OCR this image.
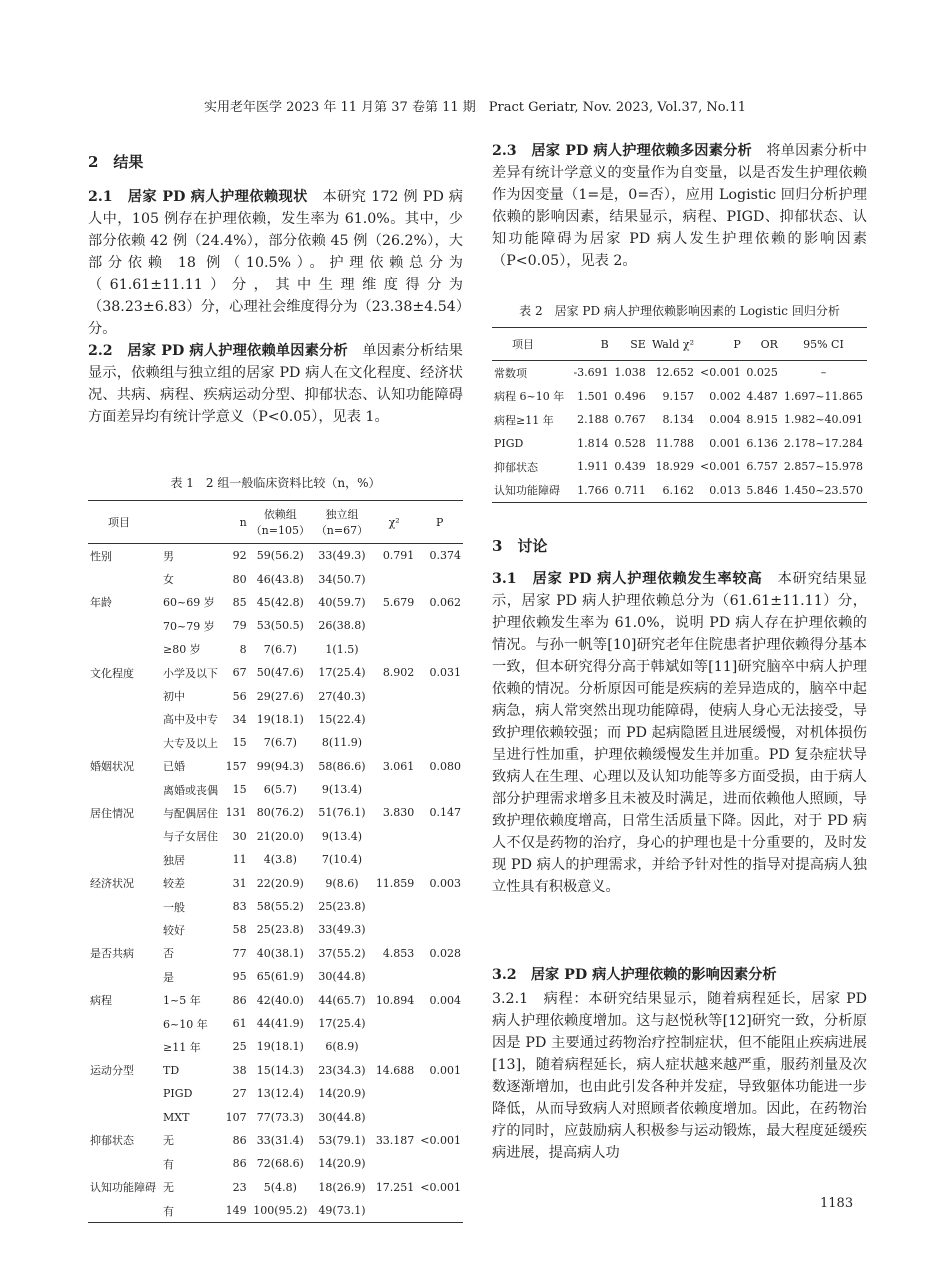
实用老年医学 2023 年 11 月第 37 卷第 11 期　Pract Geriatr, Nov. 2023, Vol.37, No.11
2　结果

2.1　居家 PD 病人护理依赖现状　本研究 172 例 PD 病人中，105 例存在护理依赖，发生率为 61.0%。其中，少部分依赖 42 例（24.4%），部分依赖 45 例（26.2%），大部分依赖 18 例（10.5%）。护理依赖总分为（61.61±11.11）分，其中生理维度得分为（38.23±6.83）分，心理社会维度得分为（23.38±4.54）分。

2.2　居家 PD 病人护理依赖单因素分析　单因素分析结果显示，依赖组与独立组的居家 PD 病人在文化程度、经济状况、共病、病程、疾病运动分型、抑郁状态、认知功能障碍方面差异均有统计学意义（P<0.05），见表 1。

表 1　2 组一般临床资料比较（n，%）
项目		n	依赖组（n=105）	独立组（n=67）	χ²	P
性别	男	92	59(56.2)	33(49.3)	0.791	0.374
	女	80	46(43.8)	34(50.7)		
年龄	60~69 岁	85	45(42.8)	40(59.7)	5.679	0.062
	70~79 岁	79	53(50.5)	26(38.8)		
	≥80 岁	8	7(6.7)	1(1.5)		
文化程度	小学及以下	67	50(47.6)	17(25.4)	8.902	0.031
	初中	56	29(27.6)	27(40.3)		
	高中及中专	34	19(18.1)	15(22.4)		
	大专及以上	15	7(6.7)	8(11.9)		
婚姻状况	已婚	157	99(94.3)	58(86.6)	3.061	0.080
	离婚或丧偶	15	6(5.7)	9(13.4)		
居住情况	与配偶居住	131	80(76.2)	51(76.1)	3.830	0.147
	与子女居住	30	21(20.0)	9(13.4)		
	独居	11	4(3.8)	7(10.4)		
经济状况	较差	31	22(20.9)	9(8.6)	11.859	0.003
	一般	83	58(55.2)	25(23.8)		
	较好	58	25(23.8)	33(49.3)		
是否共病	否	77	40(38.1)	37(55.2)	4.853	0.028
	是	95	65(61.9)	30(44.8)		
病程	1~5 年	86	42(40.0)	44(65.7)	10.894	0.004
	6~10 年	61	44(41.9)	17(25.4)		
	≥11 年	25	19(18.1)	6(8.9)		
运动分型	TD	38	15(14.3)	23(34.3)	14.688	0.001
	PIGD	27	13(12.4)	14(20.9)		
	MXT	107	77(73.3)	30(44.8)		
抑郁状态	无	86	33(31.4)	53(79.1)	33.187	<0.001
	有	86	72(68.6)	14(20.9)		
认知功能障碍	无	23	5(4.8)	18(26.9)	17.251	<0.001
	有	149	100(95.2)	49(73.1)		

2.3　居家 PD 病人护理依赖多因素分析　将单因素分析中差异有统计学意义的变量作为自变量，以是否发生护理依赖作为因变量（1=是，0=否），应用 Logistic 回归分析护理依赖的影响因素，结果显示，病程、PIGD、抑郁状态、认知功能障碍为居家 PD 病人发生护理依赖的影响因素（P<0.05），见表 2。

表 2　居家 PD 病人护理依赖影响因素的 Logistic 回归分析
项目	B	SE	Wald χ²	P	OR	95% CI
常数项	-3.691	1.038	12.652	<0.001	0.025	–
病程 6~10 年	1.501	0.496	9.157	0.002	4.487	1.697~11.865
病程≥11 年	2.188	0.767	8.134	0.004	8.915	1.982~40.091
PIGD	1.814	0.528	11.788	0.001	6.136	2.178~17.284
抑郁状态	1.911	0.439	18.929	<0.001	6.757	2.857~15.978
认知功能障碍	1.766	0.711	6.162	0.013	5.846	1.450~23.570
3　讨论

3.1　居家 PD 病人护理依赖发生率较高　本研究结果显示，居家 PD 病人护理依赖总分为（61.61±11.11）分，护理依赖发生率为 61.0%，说明 PD 病人存在护理依赖的情况。与孙一帆等[10]研究老年住院患者护理依赖得分基本一致，但本研究得分高于韩斌如等[11]研究脑卒中病人护理依赖的情况。分析原因可能是疾病的差异造成的，脑卒中起病急，病人常突然出现功能障碍，使病人身心无法接受，导致护理依赖较强；而 PD 起病隐匿且进展缓慢，对机体损伤呈进行性加重，护理依赖缓慢发生并加重。PD 复杂症状导致病人在生理、心理以及认知功能等多方面受损，由于病人部分护理需求增多且未被及时满足，进而依赖他人照顾，导致护理依赖度增高，日常生活质量下降。因此，对于 PD 病人不仅是药物的治疗，身心的护理也是十分重要的，及时发现 PD 病人的护理需求，并给予针对性的指导对提高病人独立性具有积极意义。

3.2　居家 PD 病人护理依赖的影响因素分析

3.2.1　病程：本研究结果显示，随着病程延长，居家 PD 病人护理依赖度增加。这与赵悦秋等[12]研究一致，分析原因是 PD 主要通过药物治疗控制症状，但不能阻止疾病进展[13]，随着病程延长，病人症状越来越严重，服药剂量及次数逐渐增加，也由此引发各种并发症，导致躯体功能进一步降低，从而导致病人对照顾者依赖度增加。因此，在药物治疗的同时，应鼓励病人积极参与运动锻炼，最大程度延缓疾病进展，提高病人功

1183
